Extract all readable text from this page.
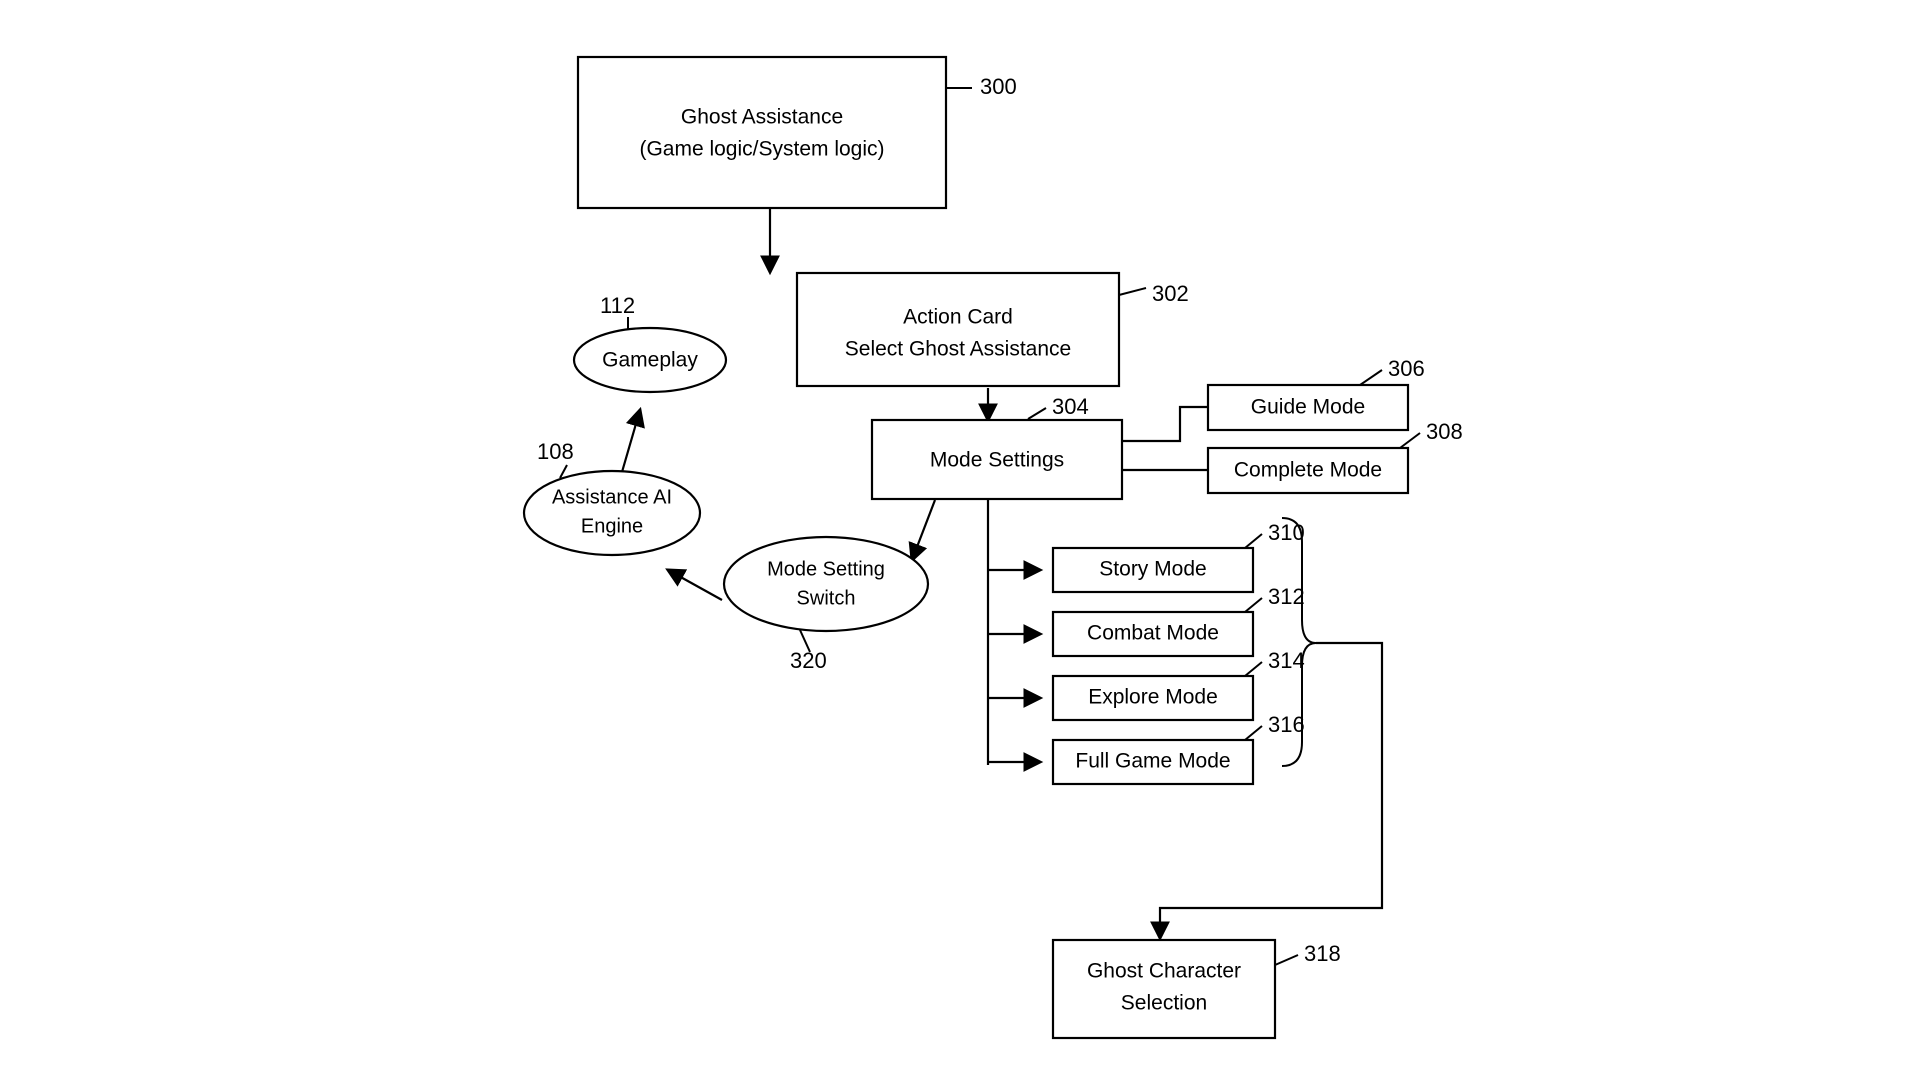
Ghost Assistance
(Game logic/System logic)
300
Action Card
Select Ghost Assistance
302
Mode Settings
304	Guide Mode
306
Complete Mode
308
Story Mode
310
Combat Mode
312
Explore Mode
314
Full Game Mode
316
Ghost Character
Selection
318
Gameplay
112
Assistance AI
Engine
108
Mode Setting
Switch
320
